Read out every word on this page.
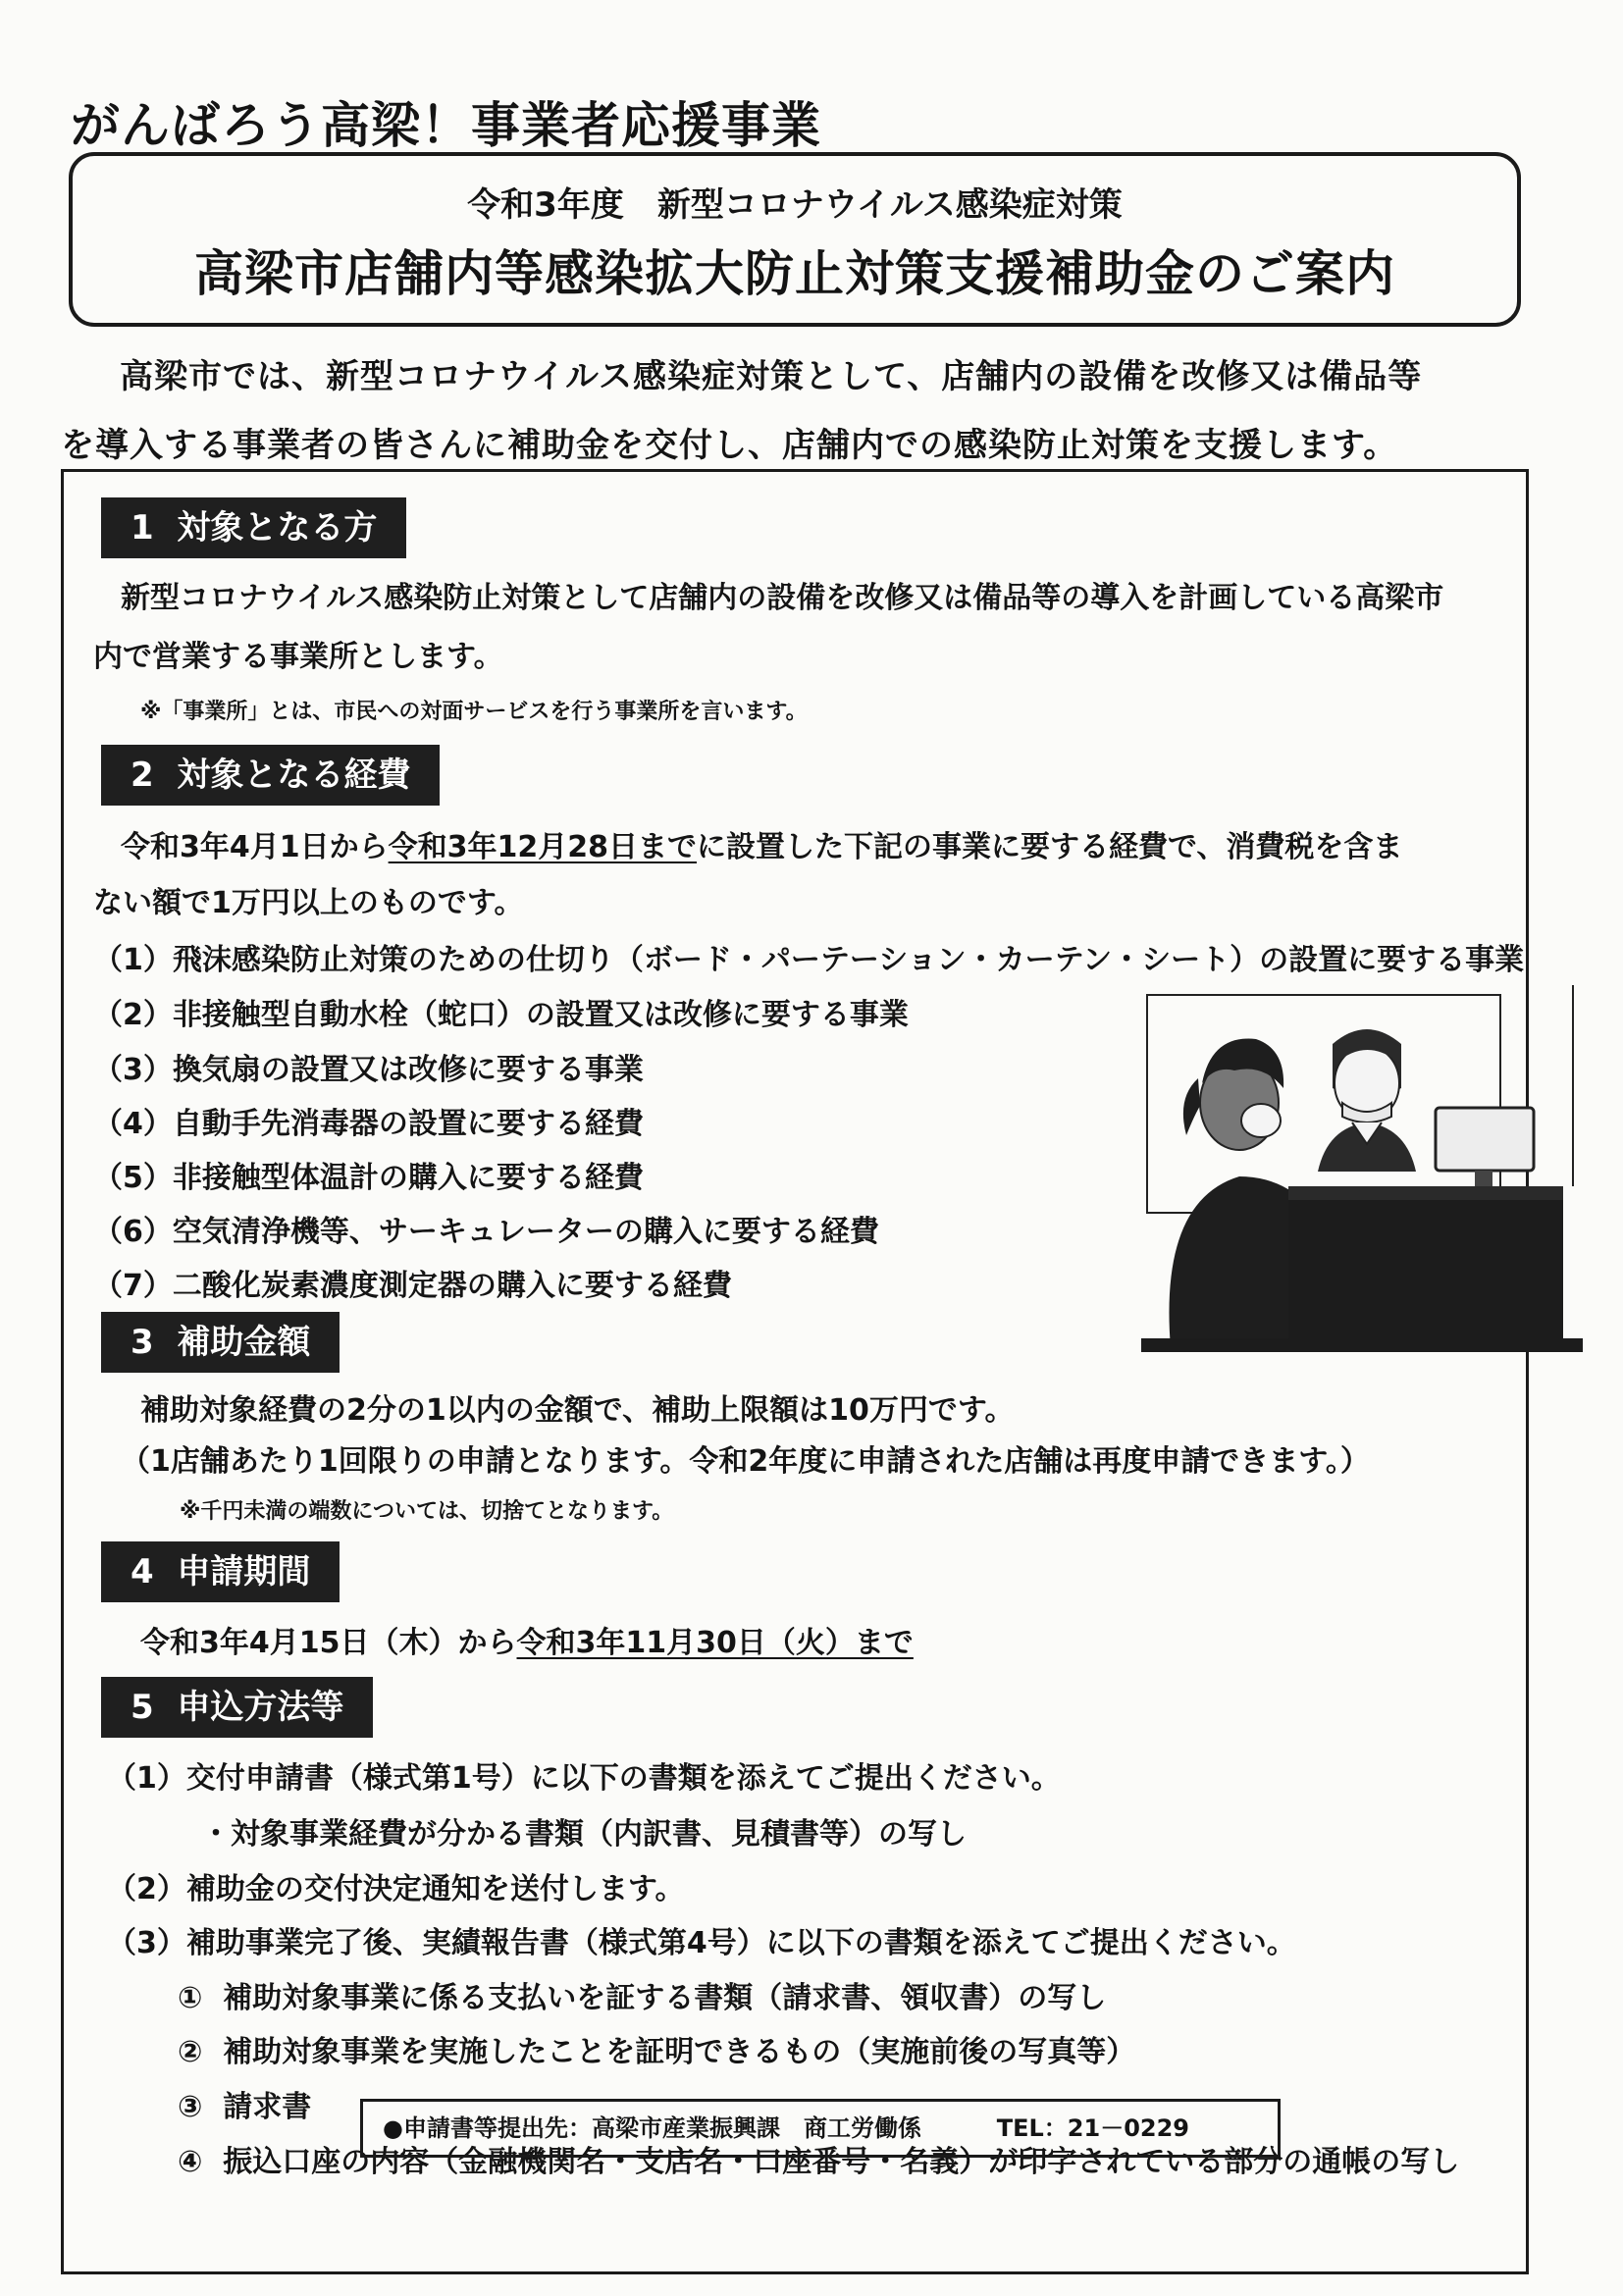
がんばろう高梁！事業者応援事業
令和3年度　新型コロナウイルス感染症対策
高梁市店舗内等感染拡大防止対策支援補助金のご案内
高梁市では、新型コロナウイルス感染症対策として、店舗内の設備を改修又は備品等
を導入する事業者の皆さんに補助金を交付し、店舗内での感染防止対策を支援します。
1  対象となる方
新型コロナウイルス感染防止対策として店舗内の設備を改修又は備品等の導入を計画している高梁市
内で営業する事業所とします。
※「事業所」とは、市民への対面サービスを行う事業所を言います。
2  対象となる経費
令和3年4月1日から令和3年12月28日までに設置した下記の事業に要する経費で、消費税を含ま
ない額で1万円以上のものです。
（1）飛沫感染防止対策のための仕切り（ボード・パーテーション・カーテン・シート）の設置に要する事業
（2）非接触型自動水栓（蛇口）の設置又は改修に要する事業
（3）換気扇の設置又は改修に要する事業
（4）自動手先消毒器の設置に要する経費
（5）非接触型体温計の購入に要する経費
（6）空気清浄機等、サーキュレーターの購入に要する経費
（7）二酸化炭素濃度測定器の購入に要する経費
3  補助金額
補助対象経費の2分の1以内の金額で、補助上限額は10万円です。
（1店舗あたり1回限りの申請となります。令和2年度に申請された店舗は再度申請できます。）
※千円未満の端数については、切捨てとなります。
4  申請期間
令和3年4月15日（木）から令和3年11月30日（火）まで
5  申込方法等
（1）交付申請書（様式第1号）に以下の書類を添えてご提出ください。
・対象事業経費が分かる書類（内訳書、見積書等）の写し
（2）補助金の交付決定通知を送付します。
（3）補助事業完了後、実績報告書（様式第4号）に以下の書類を添えてご提出ください。
①  補助対象事業に係る支払いを証する書類（請求書、領収書）の写し
②  補助対象事業を実施したことを証明できるもの（実施前後の写真等）
③  請求書
④  振込口座の内容（金融機関名・支店名・口座番号・名義）が印字されている部分の通帳の写し
●申請書等提出先：高梁市産業振興課　商工労働係	TEL：21－0229
